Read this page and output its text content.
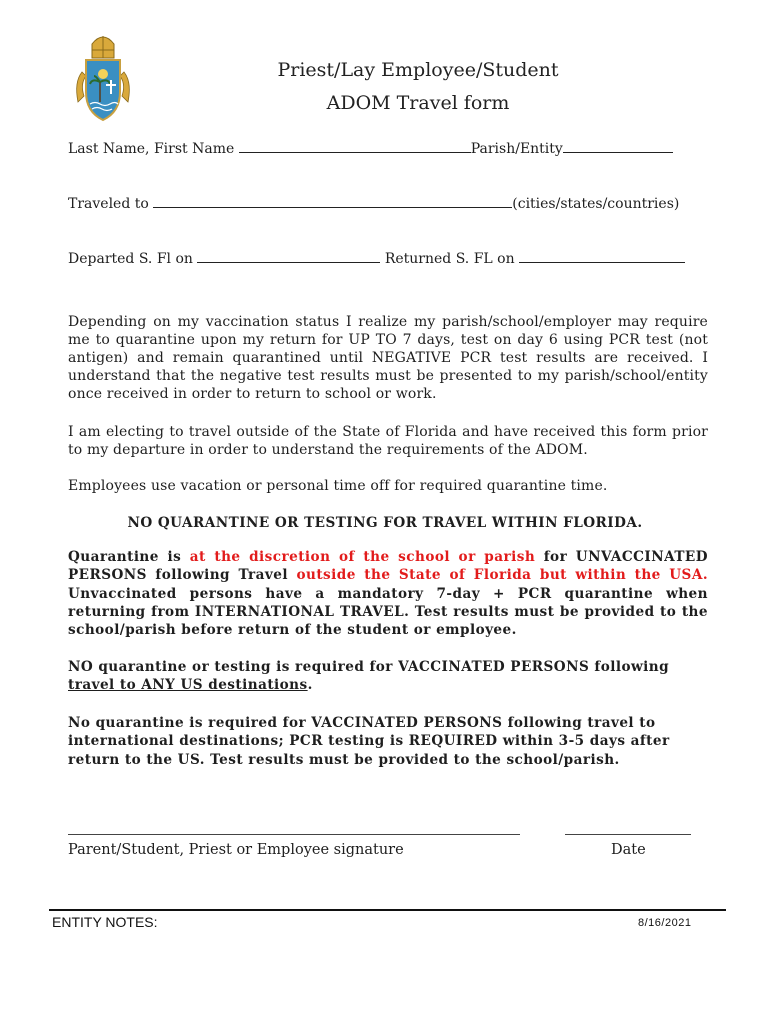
Priest/Lay Employee/Student
ADOM Travel form
Last Name, First Name	Parish/Entity
Traveled to	(cities/states/countries)
Departed S. Fl on	Returned S. FL on
Depending on my vaccination status I realize my parish/school/employer may require me to quarantine upon my return for UP TO 7 days, test on day 6 using PCR test (not antigen) and remain quarantined until NEGATIVE PCR test results are received. I understand that the negative test results must be presented to my parish/school/entity once received in order to return to school or work.
I am electing to travel outside of the State of Florida and have received this form prior to my departure in order to understand the requirements of the ADOM.
Employees use vacation or personal time off for required quarantine time.
NO QUARANTINE OR TESTING FOR TRAVEL WITHIN FLORIDA.
Quarantine is at the discretion of the school or parish for UNVACCINATED PERSONS following Travel outside the State of Florida but within the USA. Unvaccinated persons have a mandatory 7-day + PCR quarantine when returning from INTERNATIONAL TRAVEL. Test results must be provided to the school/parish before return of the student or employee.
NO quarantine or testing is required for VACCINATED PERSONS following travel to ANY US destinations.
No quarantine is required for VACCINATED PERSONS following travel to international destinations; PCR testing is REQUIRED within 3-5 days after return to the US. Test results must be provided to the school/parish.
Parent/Student, Priest or Employee signature	Date
ENTITY NOTES:	8/16/2021
